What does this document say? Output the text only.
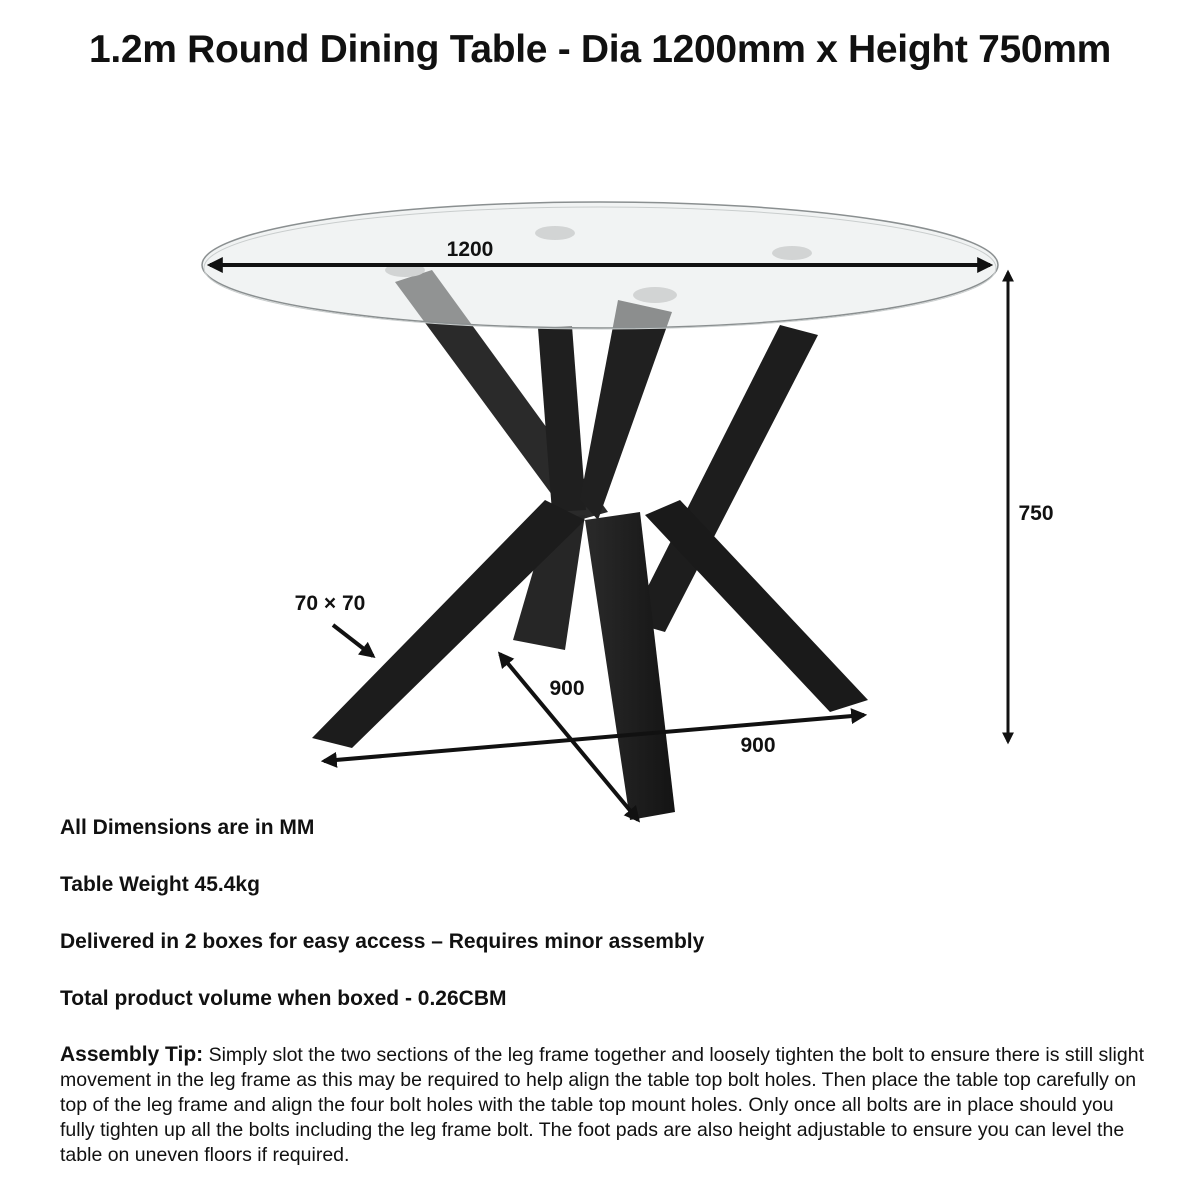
1.2m Round Dining Table - Dia 1200mm x Height 750mm
1200
750
70 × 70
900
900

All Dimensions are in MM

Table Weight 45.4kg

Delivered in 2 boxes for easy access – Requires minor assembly

Total product volume when boxed - 0.26CBM

Assembly Tip: Simply slot the two sections of the leg frame together and loosely tighten the bolt to ensure there is still slight movement in the leg frame as this may be required to help align the table top bolt holes. Then place the table top carefully on top of the leg frame and align the four bolt holes with the table top mount holes. Only once all bolts are in place should you fully tighten up all the bolts including the leg frame bolt. The foot pads are also height adjustable to ensure you can level the table on uneven floors if required.
